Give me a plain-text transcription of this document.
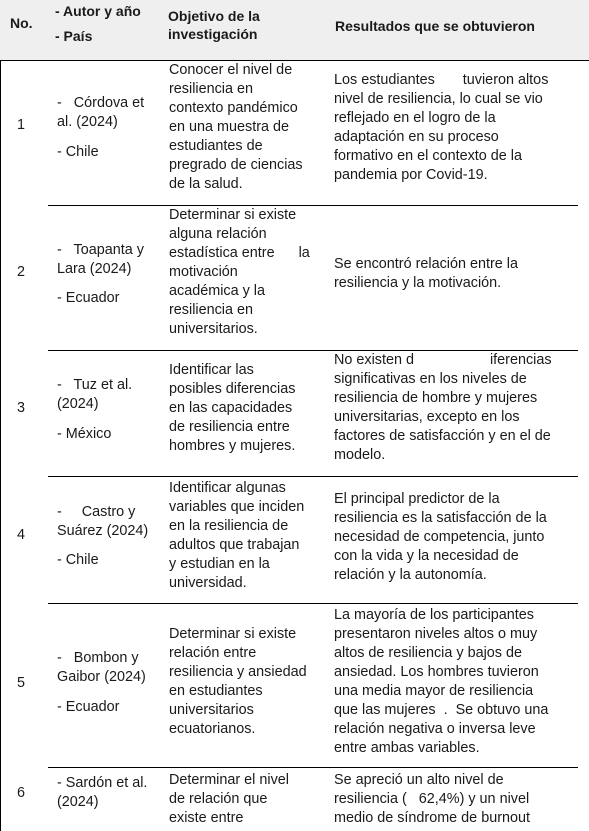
No.
- Autor y año
- País
Objetivo de la
investigación	Resultados que se obtuvieron
1
-   Córdova et
al. (2024)
- Chile
Conocer el nivel de
resiliencia en
contexto pandémico
en una muestra de
estudiantes de
pregrado de ciencias
de la salud.
Los estudiantes       tuvieron altos
nivel de resiliencia, lo cual se vio
reflejado en el logro de la
adaptación en su proceso
formativo en el contexto de la
pandemia por Covid-19.
2
-   Toapanta y
Lara (2024)
- Ecuador
Determinar si existe
alguna relación
estadística entre      la
motivación
académica y la
resiliencia en
universitarios.
Se encontró relación entre la
resiliencia y la motivación.
3
-   Tuz et al.
(2024)
- México
Identificar las
posibles diferencias
en las capacidades
de resiliencia entre
hombres y mujeres.
No existen d                   iferencias
significativas en los niveles de
resiliencia de hombre y mujeres
universitarias, excepto en los
factores de satisfacción y en el de
modelo.
4
-     Castro y
Suárez (2024)
- Chile
Identificar algunas
variables que inciden
en la resiliencia de
adultos que trabajan
y estudian en la
universidad.
El principal predictor de la
resiliencia es la satisfacción de la
necesidad de competencia, junto
con la vida y la necesidad de
relación y la autonomía.
5
-   Bombon y
Gaibor (2024)
- Ecuador
Determinar si existe
relación entre
resiliencia y ansiedad
en estudiantes
universitarios
ecuatorianos.
La mayoría de los participantes
presentaron niveles altos o muy
altos de resiliencia y bajos de
ansiedad. Los hombres tuvieron
una media mayor de resiliencia
que las mujeres  .  Se obtuvo una
relación negativa o inversa leve
entre ambas variables.
6
- Sardón et al.
(2024)
Determinar el nivel
de relación que
existe entre
Se apreció un alto nivel de
resiliencia (   62,4%) y un nivel
medio de síndrome de burnout
